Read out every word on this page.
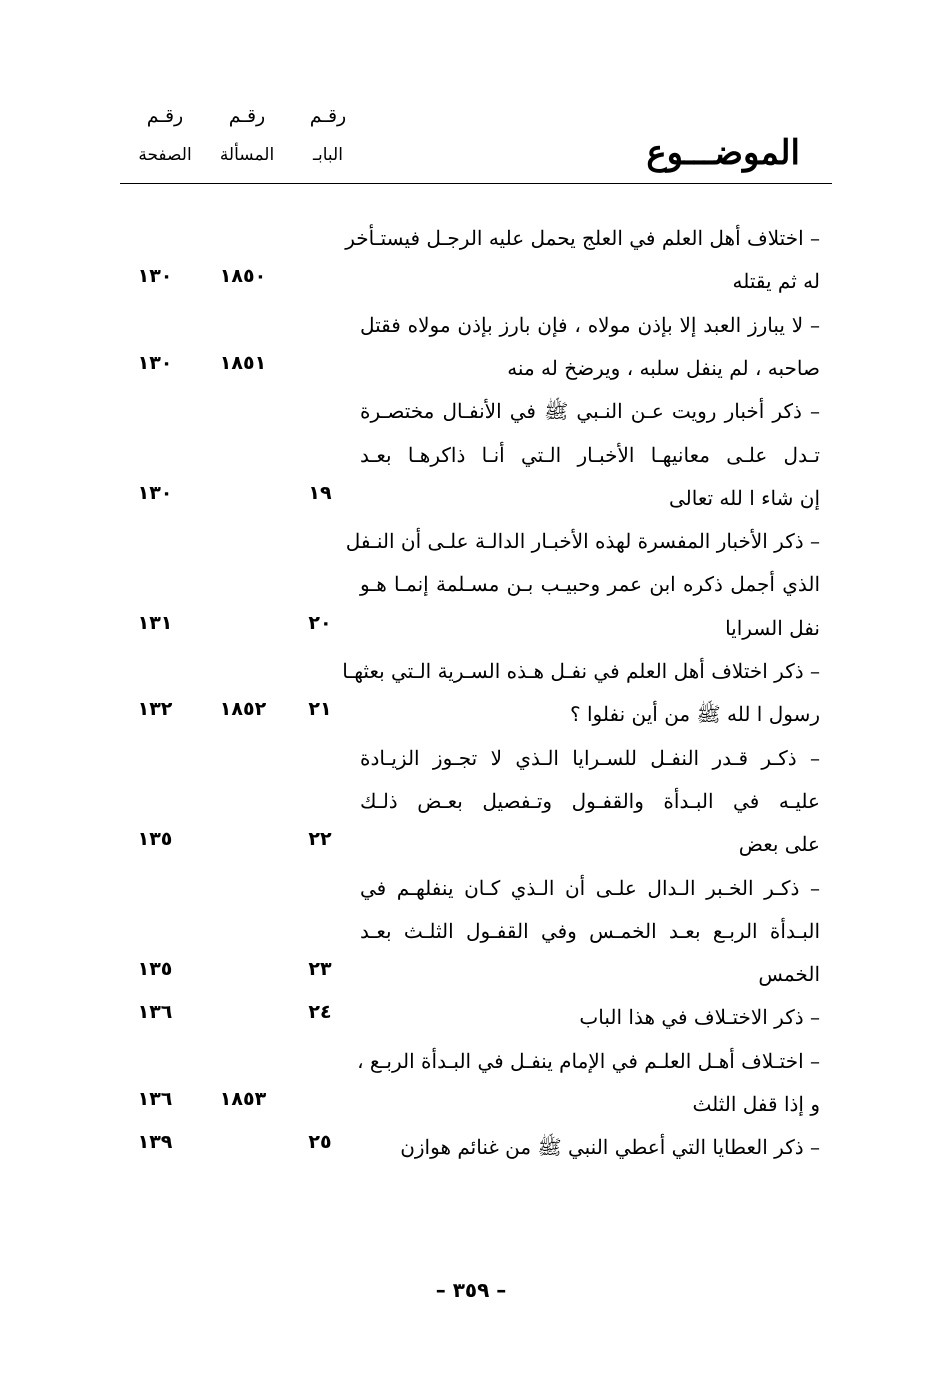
الموضـــوع
رقـم
البابـ
رقـم
المسألة
رقـم
الصفحة
– اختلاف أهل العلم في العلج يحمل عليه الرجـل فيستـأخر
له ثم يقتله
١٨٥٠
١٣٠
– لا يبارز العبد إلا بإذن مولاه ، فإن بارز بإذن مولاه فقتل
صاحبه ، لم ينفل سلبه ، ويرضخ له منه
١٨٥١
١٣٠
– ذكر أخبار رويت عـن النـبي ﷺ في الأنفـال مختصـرة
تـدل علـى معانيهـا الأخبـار الـتي أنـا ذاكرهـا بعـد
إن شاء ا لله تعالى
١٩
١٣٠
– ذكر الأخبار المفسرة لهذه الأخبـار الدالـة علـى أن النـفل
الذي أجمل ذكره ابن عمر وحبيـب بـن مسـلمة إنمـا هـو
نفل السرايا
٢٠
١٣١
– ذكر اختلاف أهل العلم في نفـل هـذه السـرية الـتي بعثهـا
رسول ا لله ﷺ من أين نفلوا ؟
٢١
١٨٥٢
١٣٢
– ذكـر قـدر النفـل للسـرايا الـذي لا تجـوز الزيـادة
عليـه في البـدأة والقفـول وتـفصيل بعـض ذلـك
على بعض
٢٢
١٣٥
– ذكـر الخـبر الـدال علـى أن الـذي كـان ينفلهـم في
البـدأة الربـع بعـد الخمـس وفي القفـول الثلـث بعـد
الخمس
٢٣
١٣٥
– ذكر الاختـلاف في هذا الباب
٢٤
١٣٦
– اختـلاف أهـل العلـم في الإمام ينفـل في البـدأة الربـع ،
و إذا قفل الثلث
١٨٥٣
١٣٦
– ذكر العطايا التي أعطي النبي ﷺ من غنائم هوازن
٢٥
١٣٩
– ٣٥٩ –
